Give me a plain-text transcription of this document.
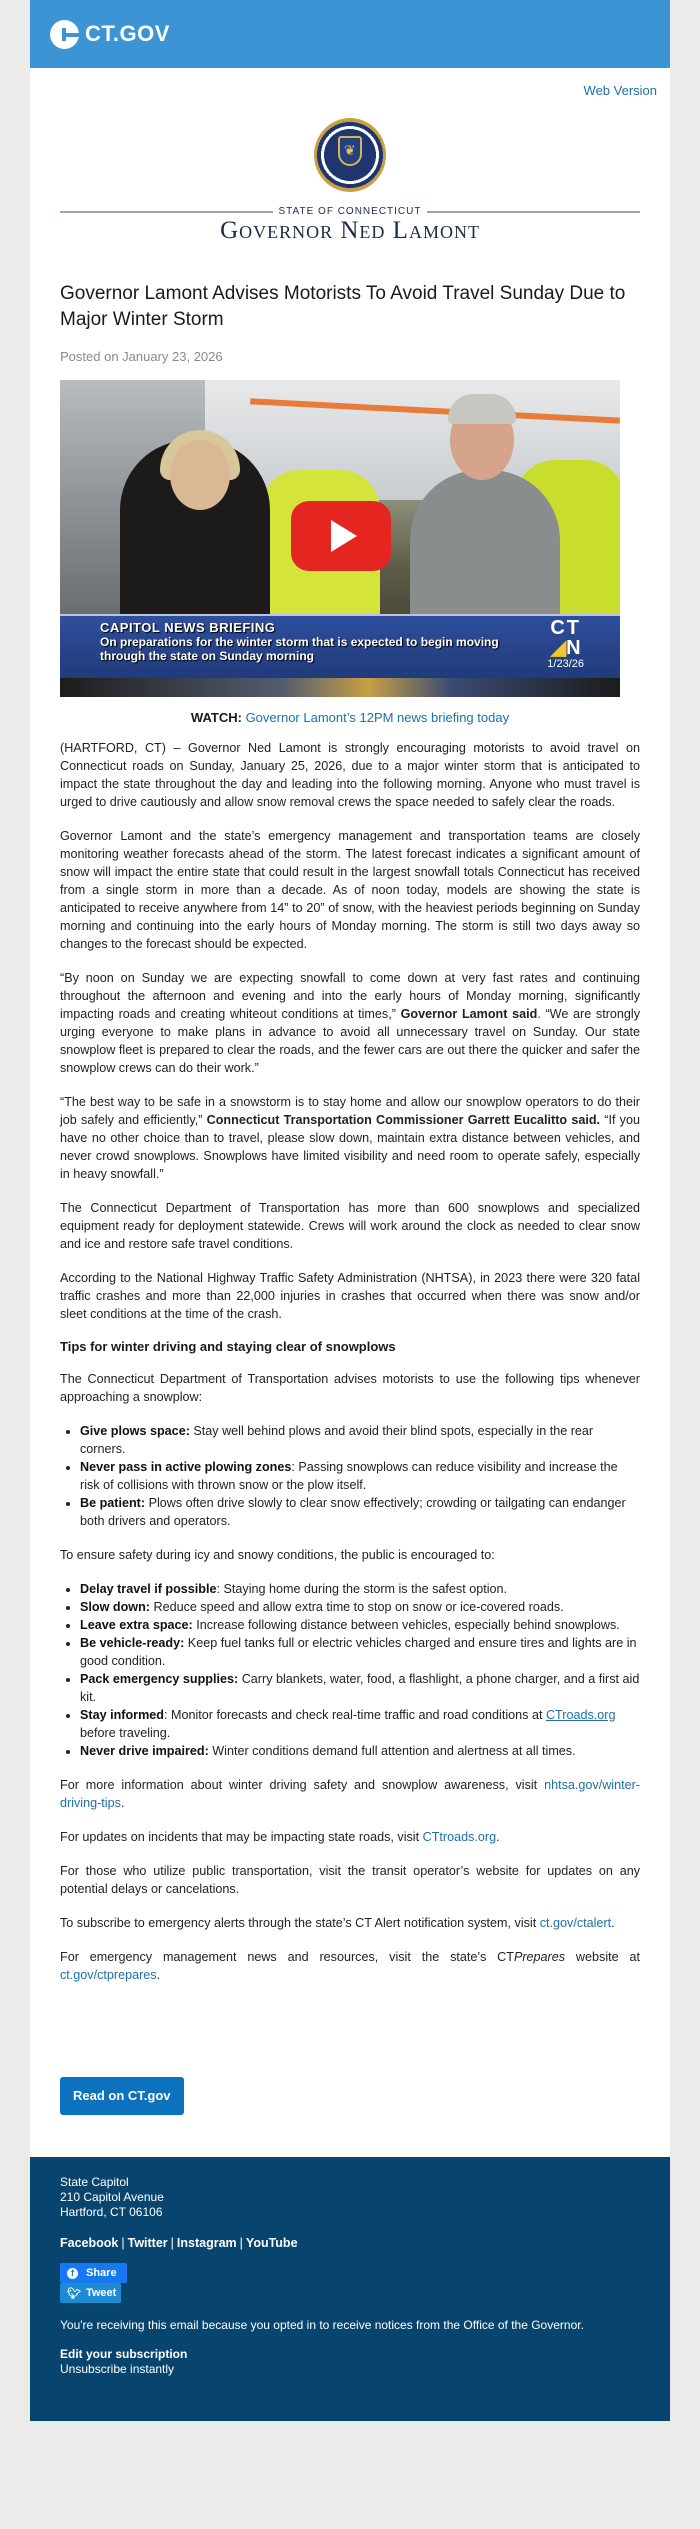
CT.GOV
Web Version
❦
STATE OF CONNECTICUT
Governor Ned Lamont
Governor Lamont Advises Motorists To Avoid Travel Sunday Due to Major Winter Storm
Posted on January 23, 2026
CAPITOL NEWS BRIEFING
On preparations for the winter storm that is expected to begin moving through the state on Sunday morning
CT
◢N
1/23/26
WATCH: Governor Lamont’s 12PM news briefing today

(HARTFORD, CT) – Governor Ned Lamont is strongly encouraging motorists to avoid travel on Connecticut roads on Sunday, January 25, 2026, due to a major winter storm that is anticipated to impact the state throughout the day and leading into the following morning. Anyone who must travel is urged to drive cautiously and allow snow removal crews the space needed to safely clear the roads.

Governor Lamont and the state’s emergency management and transportation teams are closely monitoring weather forecasts ahead of the storm. The latest forecast indicates a significant amount of snow will impact the entire state that could result in the largest snowfall totals Connecticut has received from a single storm in more than a decade. As of noon today, models are showing the state is anticipated to receive anywhere from 14” to 20” of snow, with the heaviest periods beginning on Sunday morning and continuing into the early hours of Monday morning. The storm is still two days away so changes to the forecast should be expected.

“By noon on Sunday we are expecting snowfall to come down at very fast rates and continuing throughout the afternoon and evening and into the early hours of Monday morning, significantly impacting roads and creating whiteout conditions at times,” Governor Lamont said. “We are strongly urging everyone to make plans in advance to avoid all unnecessary travel on Sunday. Our state snowplow fleet is prepared to clear the roads, and the fewer cars are out there the quicker and safer the snowplow crews can do their work.”

“The best way to be safe in a snowstorm is to stay home and allow our snowplow operators to do their job safely and efficiently,” Connecticut Transportation Commissioner Garrett Eucalitto said. “If you have no other choice than to travel, please slow down, maintain extra distance between vehicles, and never crowd snowplows. Snowplows have limited visibility and need room to operate safely, especially in heavy snowfall.”

The Connecticut Department of Transportation has more than 600 snowplows and specialized equipment ready for deployment statewide. Crews will work around the clock as needed to clear snow and ice and restore safe travel conditions.

According to the National Highway Traffic Safety Administration (NHTSA), in 2023 there were 320 fatal traffic crashes and more than 22,000 injuries in crashes that occurred when there was snow and/or sleet conditions at the time of the crash.

Tips for winter driving and staying clear of snowplows

The Connecticut Department of Transportation advises motorists to use the following tips whenever approaching a snowplow:

• Give plows space: Stay well behind plows and avoid their blind spots, especially in the rear corners.
• Never pass in active plowing zones: Passing snowplows can reduce visibility and increase the risk of collisions with thrown snow or the plow itself.
• Be patient: Plows often drive slowly to clear snow effectively; crowding or tailgating can endanger both drivers and operators.

To ensure safety during icy and snowy conditions, the public is encouraged to:

• Delay travel if possible: Staying home during the storm is the safest option.
• Slow down: Reduce speed and allow extra time to stop on snow or ice-covered roads.
• Leave extra space: Increase following distance between vehicles, especially behind snowplows.
• Be vehicle-ready: Keep fuel tanks full or electric vehicles charged and ensure tires and lights are in good condition.
• Pack emergency supplies: Carry blankets, water, food, a flashlight, a phone charger, and a first aid kit.
• Stay informed: Monitor forecasts and check real-time traffic and road conditions at CTroads.org before traveling.
• Never drive impaired: Winter conditions demand full attention and alertness at all times.

For more information about winter driving safety and snowplow awareness, visit nhtsa.gov/winter-driving-tips.

For updates on incidents that may be impacting state roads, visit CTtroads.org.

For those who utilize public transportation, visit the transit operator’s website for updates on any potential delays or cancelations.

To subscribe to emergency alerts through the state’s CT Alert notification system, visit ct.gov/ctalert.

For emergency management news and resources, visit the state’s CTPrepares website at ct.gov/ctprepares.

Read on CT.gov
State Capitol
210 Capitol Avenue
Hartford, CT 06106
Facebook | Twitter | Instagram | YouTube
f	Share
🐦︎ Tweet
You're receiving this email because you opted in to receive notices from the Office of the Governor.
Edit your subscription
Unsubscribe instantly
